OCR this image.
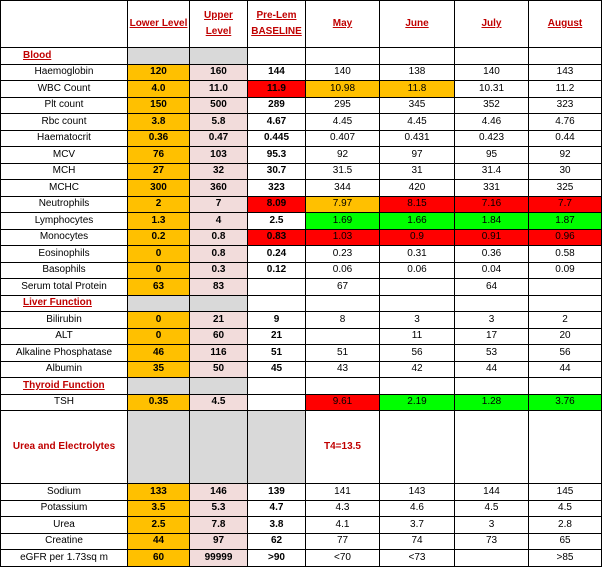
	Lower Level	Upper Level	Pre-Lem BASELINE	May	June	July	August
Blood							
Haemoglobin	120	160	144	140	138	140	143
WBC Count	4.0	11.0	11.9	10.98	11.8	10.31	11.2
Plt count	150	500	289	295	345	352	323
Rbc count	3.8	5.8	4.67	4.45	4.45	4.46	4.76
Haematocrit	0.36	0.47	0.445	0.407	0.431	0.423	0.44
MCV	76	103	95.3	92	97	95	92
MCH	27	32	30.7	31.5	31	31.4	30
MCHC	300	360	323	344	420	331	325
Neutrophils	2	7	8.09	7.97	8.15	7.16	7.7
Lymphocytes	1.3	4	2.5	1.69	1.66	1.84	1.87
Monocytes	0.2	0.8	0.83	1.03	0.9	0.91	0.96
Eosinophils	0	0.8	0.24	0.23	0.31	0.36	0.58
Basophils	0	0.3	0.12	0.06	0.06	0.04	0.09
Serum total Protein	63	83		67		64	
Liver Function							
Bilirubin	0	21	9	8	3	3	2
ALT	0	60	21		11	17	20
Alkaline Phosphatase	46	116	51	51	56	53	56
Albumin	35	50	45	43	42	44	44
Thyroid Function							
TSH	0.35	4.5		9.61	2.19	1.28	3.76
Urea and Electrolytes				T4=13.5			
Sodium	133	146	139	141	143	144	145
Potassium	3.5	5.3	4.7	4.3	4.6	4.5	4.5
Urea	2.5	7.8	3.8	4.1	3.7	3	2.8
Creatine	44	97	62	77	74	73	65
eGFR per 1.73sq m	60	99999	>90	<70	<73		>85
